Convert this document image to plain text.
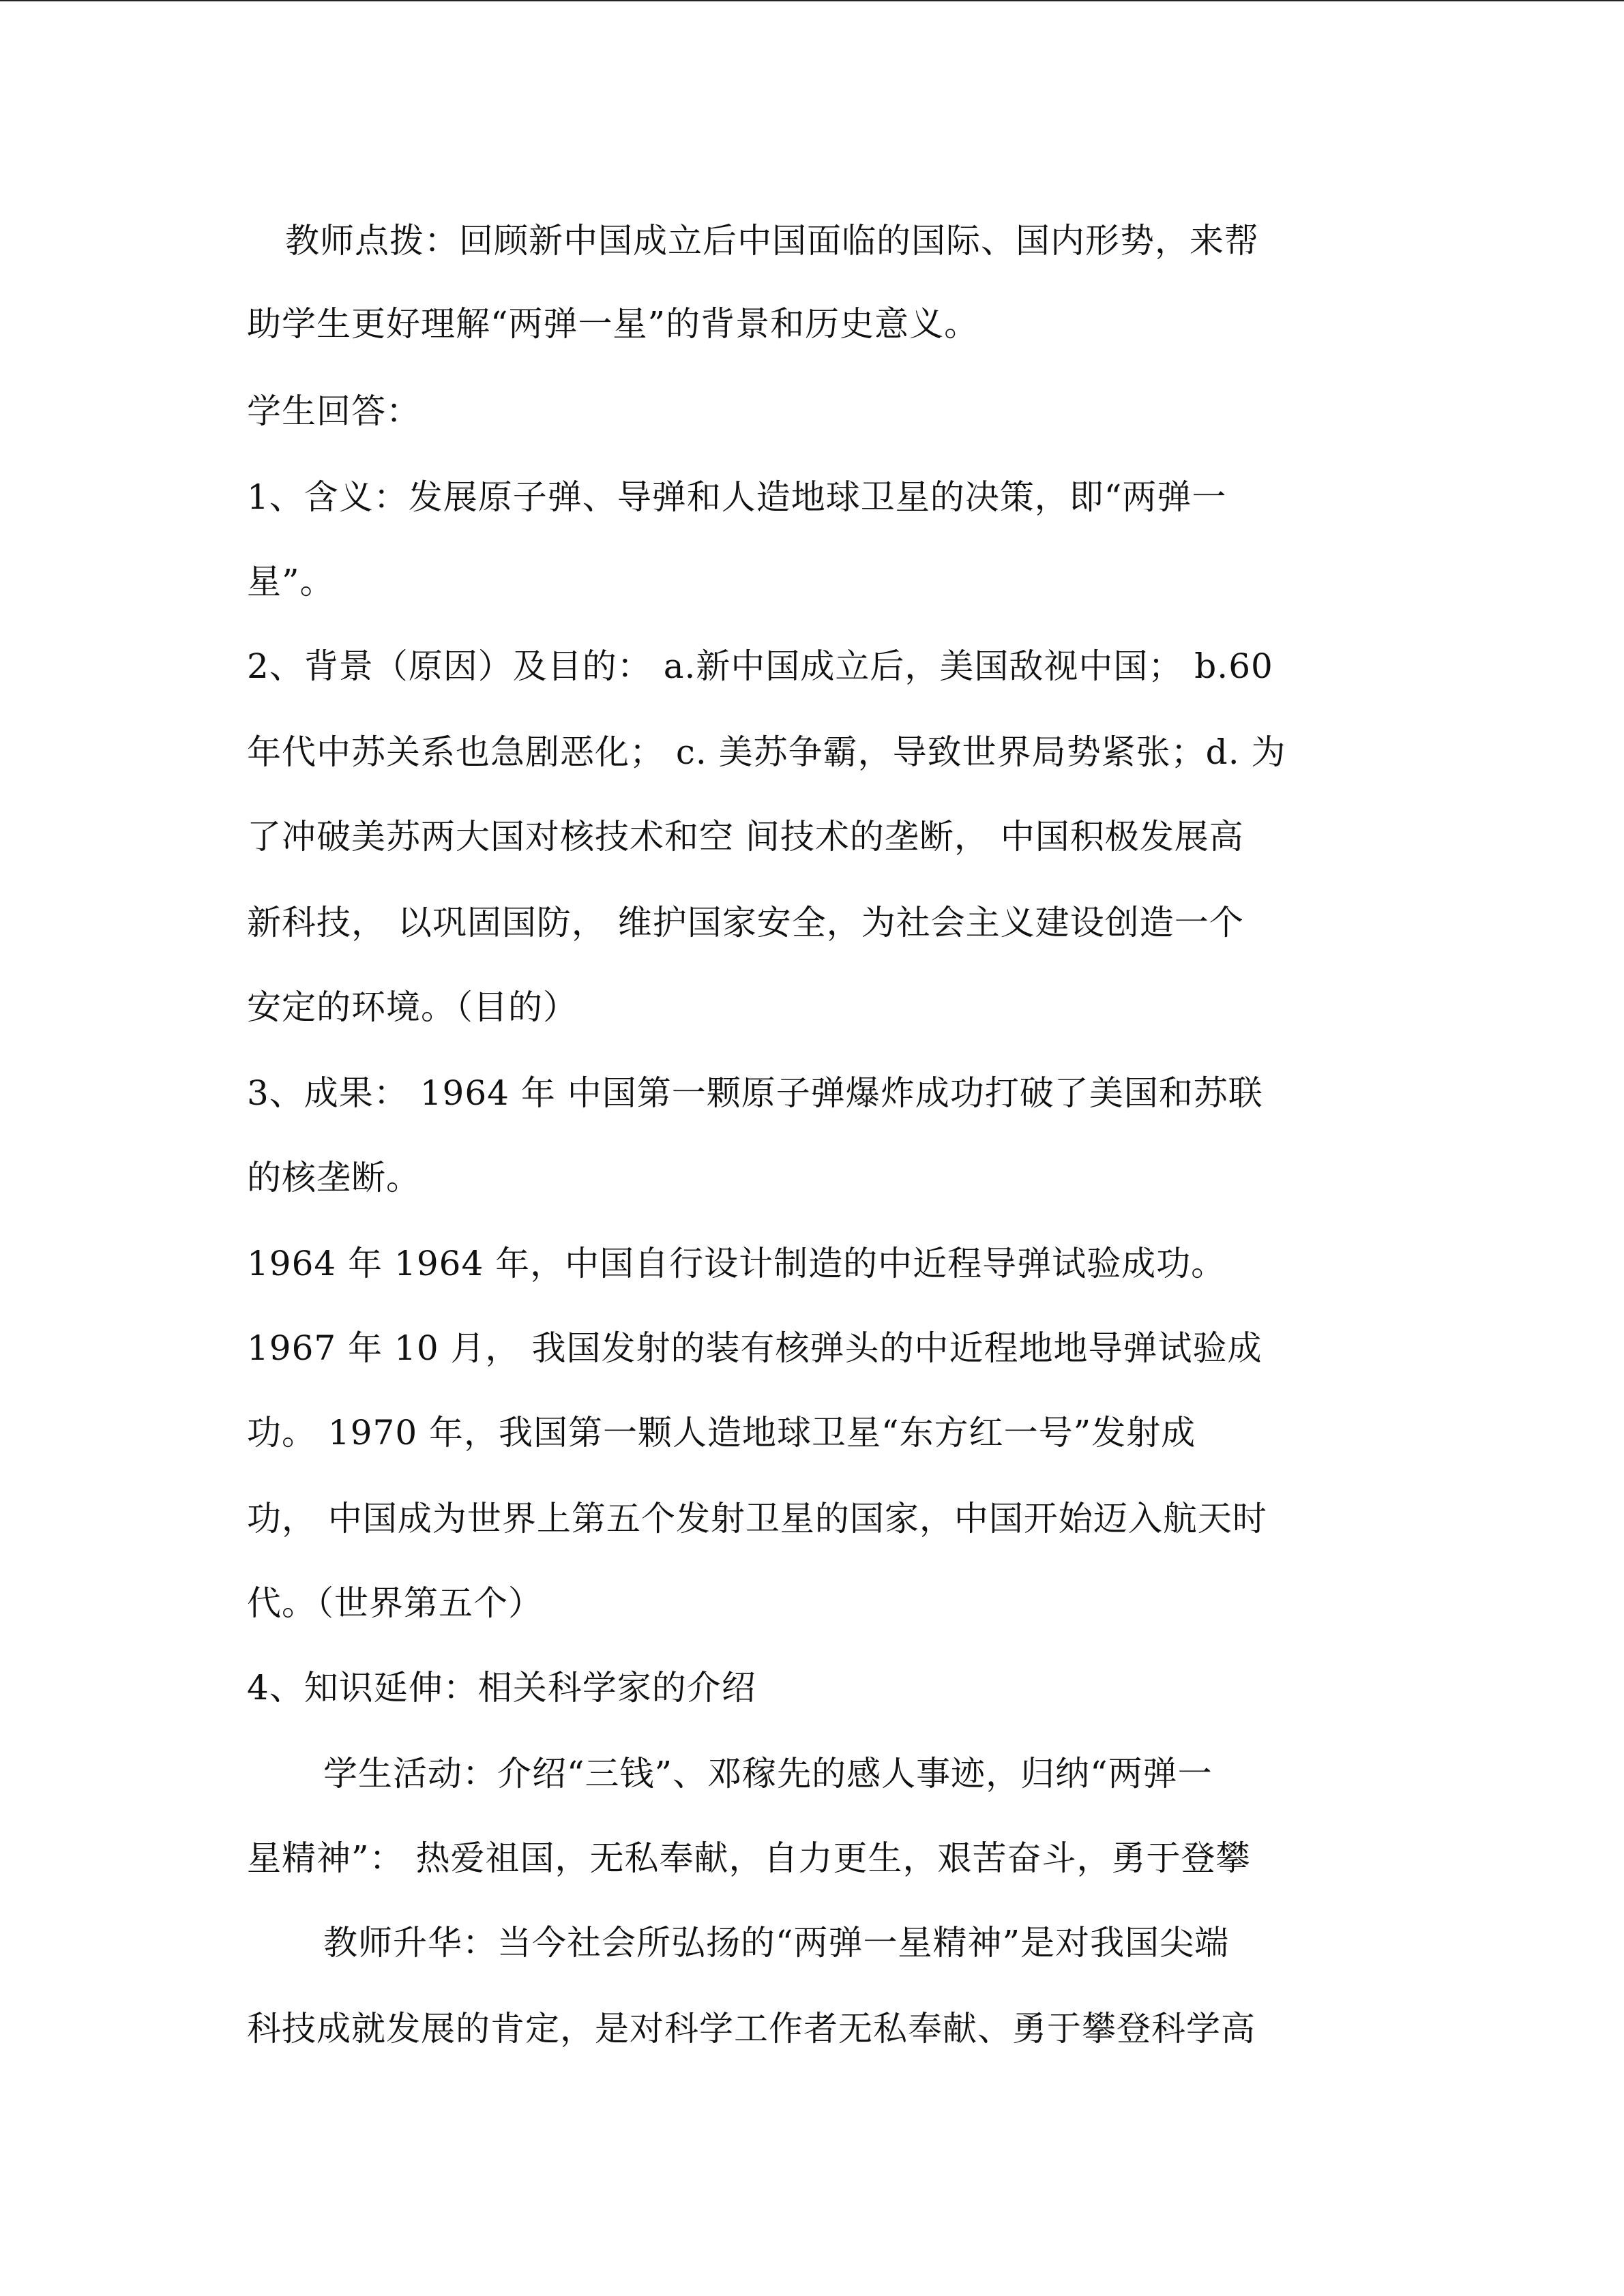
教师点拨：回顾新中国成立后中国面临的国际、国内形势，来帮
助学生更好理解“两弹一星”的背景和历史意义。
学生回答：
1、含义：发展原子弹、导弹和人造地球卫星的决策，即“两弹一
星”。
2、背景（原因）及目的： a.新中国成立后，美国敌视中国； b.60
年代中苏关系也急剧恶化； c. 美苏争霸，导致世界局势紧张；d. 为
了冲破美苏两大国对核技术和空 间技术的垄断， 中国积极发展高
新科技， 以巩固国防， 维护国家安全，为社会主义建设创造一个
安定的环境。（目的）
3、成果： 1964 年 中国第一颗原子弹爆炸成功打破了美国和苏联
的核垄断。
1964 年 1964 年，中国自行设计制造的中近程导弹试验成功。
1967 年 10 月， 我国发射的装有核弹头的中近程地地导弹试验成
功。 1970 年，我国第一颗人造地球卫星“东方红一号”发射成
功， 中国成为世界上第五个发射卫星的国家，中国开始迈入航天时
代。（世界第五个）
4、知识延伸：相关科学家的介绍
学生活动：介绍“三钱”、邓稼先的感人事迹，归纳“两弹一
星精神”： 热爱祖国，无私奉献，自力更生，艰苦奋斗，勇于登攀
教师升华：当今社会所弘扬的“两弹一星精神”是对我国尖端
科技成就发展的肯定，是对科学工作者无私奉献、勇于攀登科学高
